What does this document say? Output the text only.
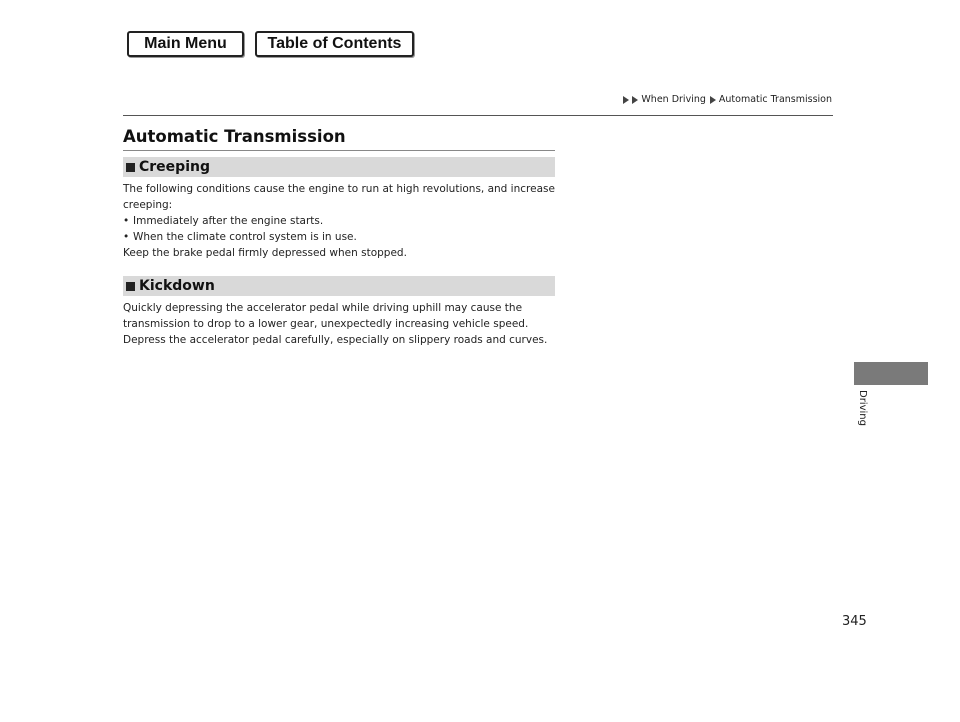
Main Menu	Table of Contents
When Driving Automatic Transmission
Automatic Transmission
Creeping
The following conditions cause the engine to run at high revolutions, and increase creeping:
• Immediately after the engine starts.
• When the climate control system is in use.
Keep the brake pedal firmly depressed when stopped.
Kickdown
Quickly depressing the accelerator pedal while driving uphill may cause the transmission to drop to a lower gear, unexpectedly increasing vehicle speed. Depress the accelerator pedal carefully, especially on slippery roads and curves.
Driving
345
